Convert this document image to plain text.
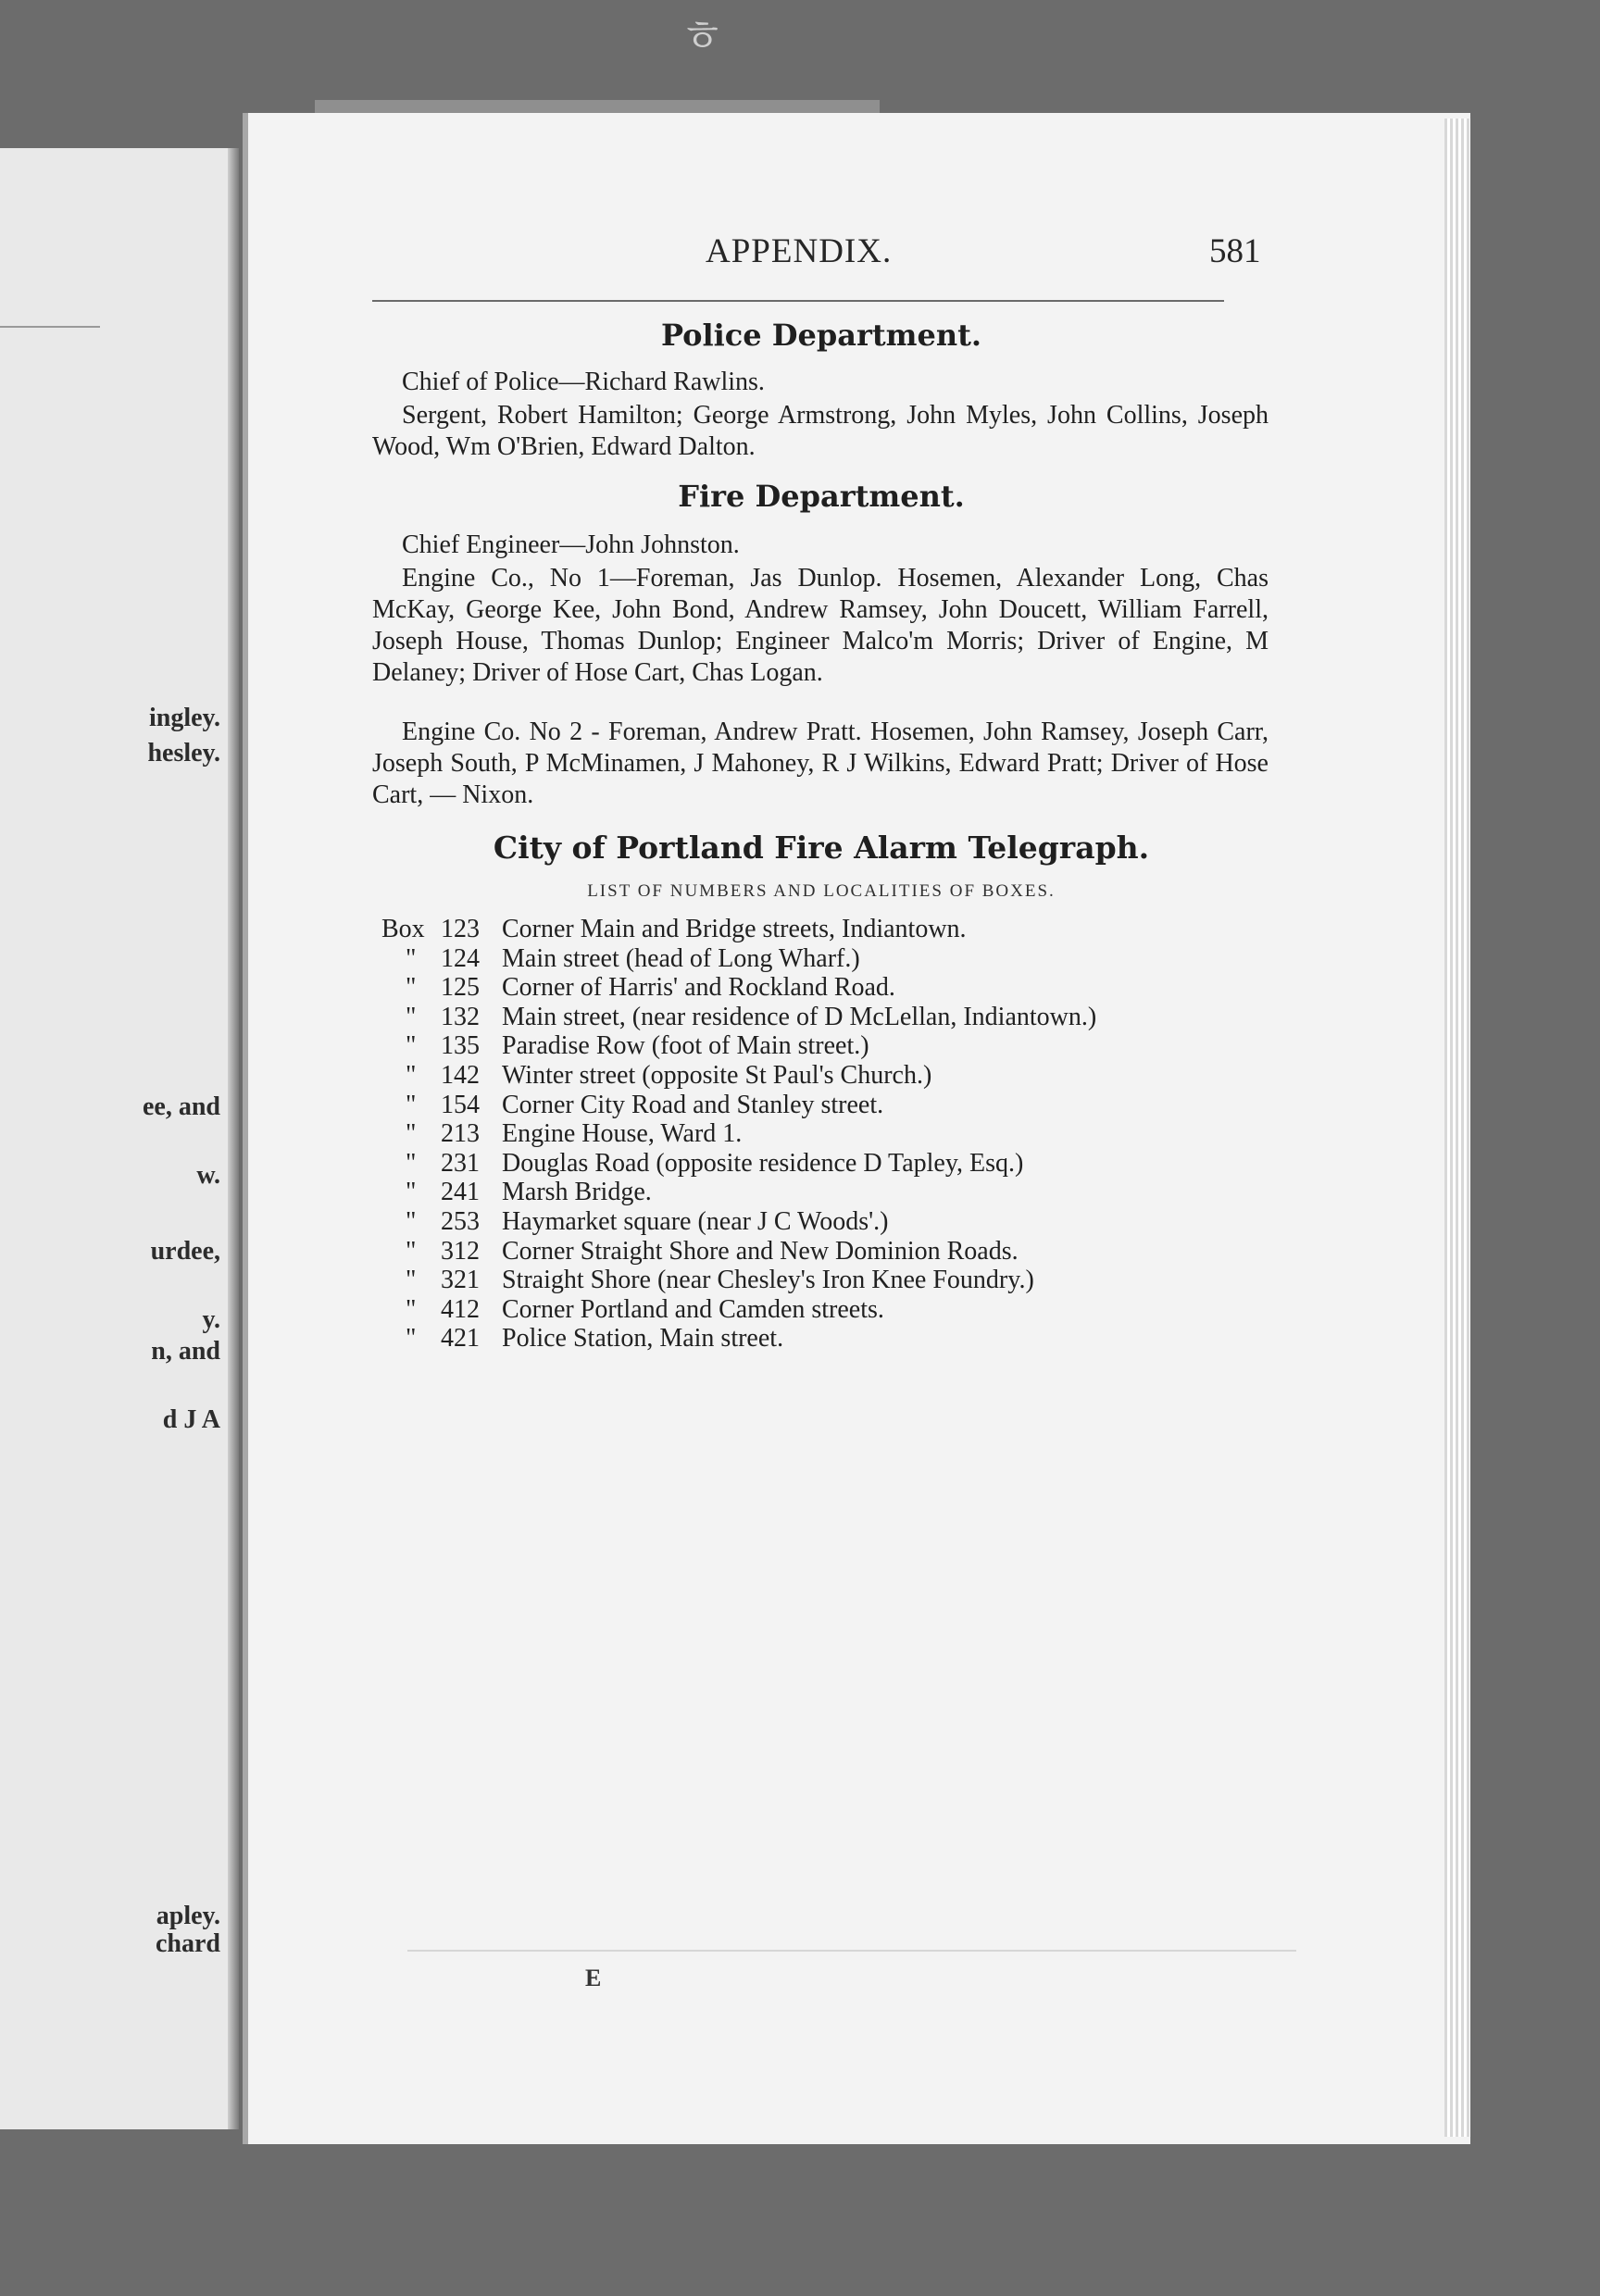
ㅎ
ingley.
hesley.
ee, and
w.
urdee,
y.
n, and
d J A
apley.
chard
APPENDIX.	581
Police Department.
Chief of Police—Richard Rawlins.
Sergent, Robert Hamilton; George Armstrong, John Myles, John Collins, Joseph Wood, Wm O'Brien, Edward Dalton.
Fire Department.
Chief Engineer—John Johnston.
Engine Co., No 1—Foreman, Jas Dunlop. Hosemen, Alexander Long, Chas McKay, George Kee, John Bond, Andrew Ramsey, John Doucett, William Farrell, Joseph House, Thomas Dunlop; Engineer Malco'm Morris; Driver of Engine, M Delaney; Driver of Hose Cart, Chas Logan.
Engine Co. No 2 - Foreman, Andrew Pratt. Hosemen, John Ramsey, Joseph Carr, Joseph South, P McMinamen, J Mahoney, R J Wilkins, Edward Pratt; Driver of Hose Cart, — Nixon.
City of Portland Fire Alarm Telegraph.
LIST OF NUMBERS AND LOCALITIES OF BOXES.
Box 123 Corner Main and Bridge streets, Indiantown.
" 124 Main street (head of Long Wharf.)
" 125 Corner of Harris' and Rockland Road.
" 132 Main street, (near residence of D McLellan, Indiantown.)
" 135 Paradise Row (foot of Main street.)
" 142 Winter street (opposite St Paul's Church.)
" 154 Corner City Road and Stanley street.
" 213 Engine House, Ward 1.
" 231 Douglas Road (opposite residence D Tapley, Esq.)
" 241 Marsh Bridge.
" 253 Haymarket square (near J C Woods'.)
" 312 Corner Straight Shore and New Dominion Roads.
" 321 Straight Shore (near Chesley's Iron Knee Foundry.)
" 412 Corner Portland and Camden streets.
" 421 Police Station, Main street.
E
